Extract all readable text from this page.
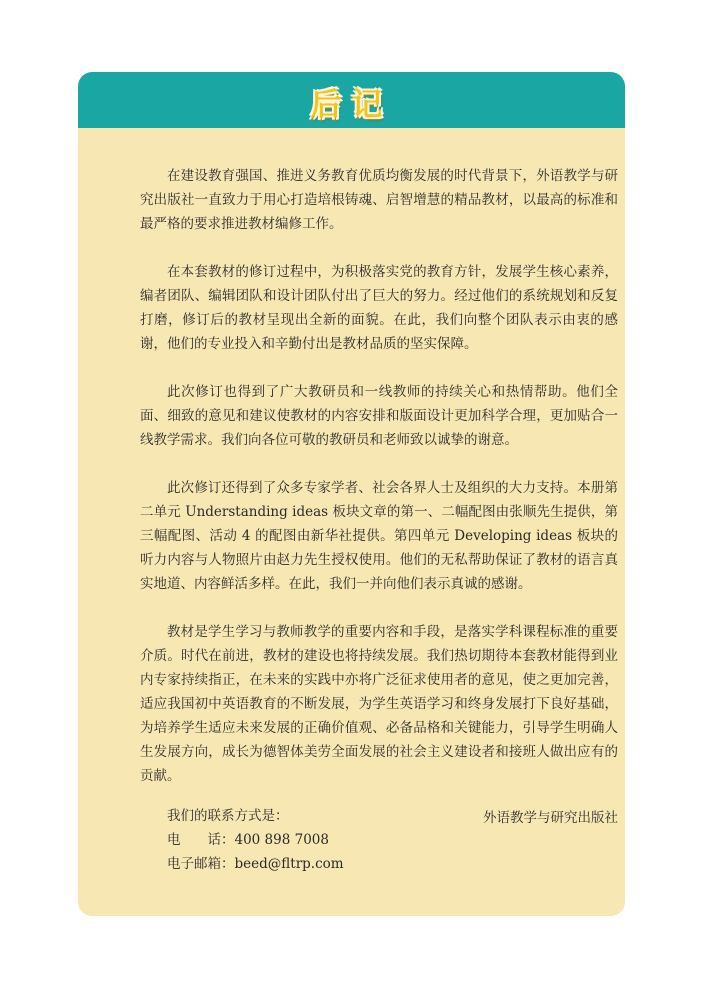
后记

在建设教育强国、推进义务教育优质均衡发展的时代背景下，外语教学与研究出版社一直致力于用心打造培根铸魂、启智增慧的精品教材，以最高的标准和最严格的要求推进教材编修工作。

在本套教材的修订过程中，为积极落实党的教育方针，发展学生核心素养，编者团队、编辑团队和设计团队付出了巨大的努力。经过他们的系统规划和反复打磨，修订后的教材呈现出全新的面貌。在此，我们向整个团队表示由衷的感谢，他们的专业投入和辛勤付出是教材品质的坚实保障。

此次修订也得到了广大教研员和一线教师的持续关心和热情帮助。他们全面、细致的意见和建议使教材的内容安排和版面设计更加科学合理，更加贴合一线教学需求。我们向各位可敬的教研员和老师致以诚挚的谢意。

此次修订还得到了众多专家学者、社会各界人士及组织的大力支持。本册第二单元 Understanding ideas 板块文章的第一、二幅配图由张顺先生提供，第三幅配图、活动 4 的配图由新华社提供。第四单元 Developing ideas 板块的听力内容与人物照片由赵力先生授权使用。他们的无私帮助保证了教材的语言真实地道、内容鲜活多样。在此，我们一并向他们表示真诚的感谢。

教材是学生学习与教师教学的重要内容和手段，是落实学科课程标准的重要介质。时代在前进，教材的建设也将持续发展。我们热切期待本套教材能得到业内专家持续指正，在未来的实践中亦将广泛征求使用者的意见，使之更加完善，适应我国初中英语教育的不断发展，为学生英语学习和终身发展打下良好基础，为培养学生适应未来发展的正确价值观、必备品格和关键能力，引导学生明确人生发展方向，成长为德智体美劳全面发展的社会主义建设者和接班人做出应有的贡献。

我们的联系方式是：
电　　话：400 898 7008
电子邮箱：beed@fltrp.com
外语教学与研究出版社
